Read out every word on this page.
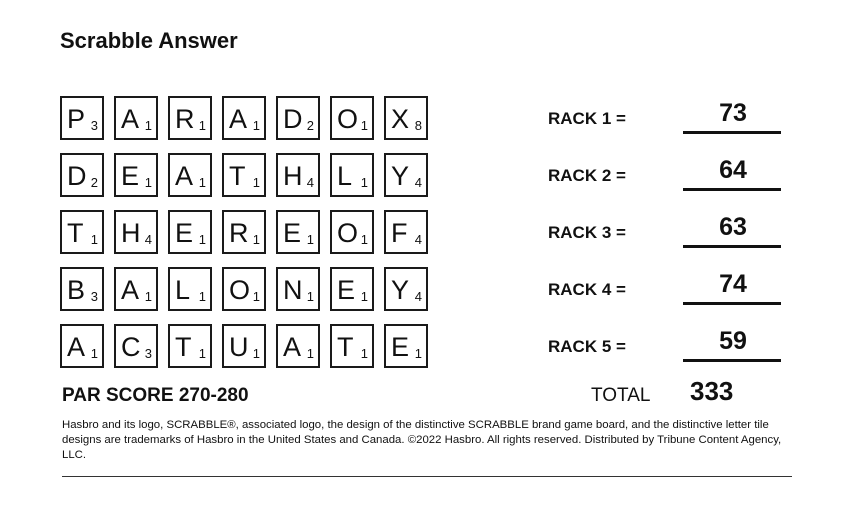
Scrabble Answer
P 3 A 1 R 1 A 1 D 2 O 1 X 8
D 2 E 1 A 1 T 1 H 4 L 1 Y 4
T 1 H 4 E 1 R 1 E 1 O 1 F 4
B 3 A 1 L 1 O 1 N 1 E 1 Y 4
A 1 C 3 T 1 U 1 A 1 T 1 E 1
RACK 1 =	73
RACK 2 =	64
RACK 3 =	63
RACK 4 =	74
RACK 5 =	59
PAR SCORE 270-280	TOTAL 333

Hasbro and its logo, SCRABBLE®, associated logo, the design of the distinctive SCRABBLE brand game board, and the distinctive letter tile designs are trademarks of Hasbro in the United States and Canada. ©2022 Hasbro. All rights reserved. Distributed by Tribune Content Agency, LLC.
